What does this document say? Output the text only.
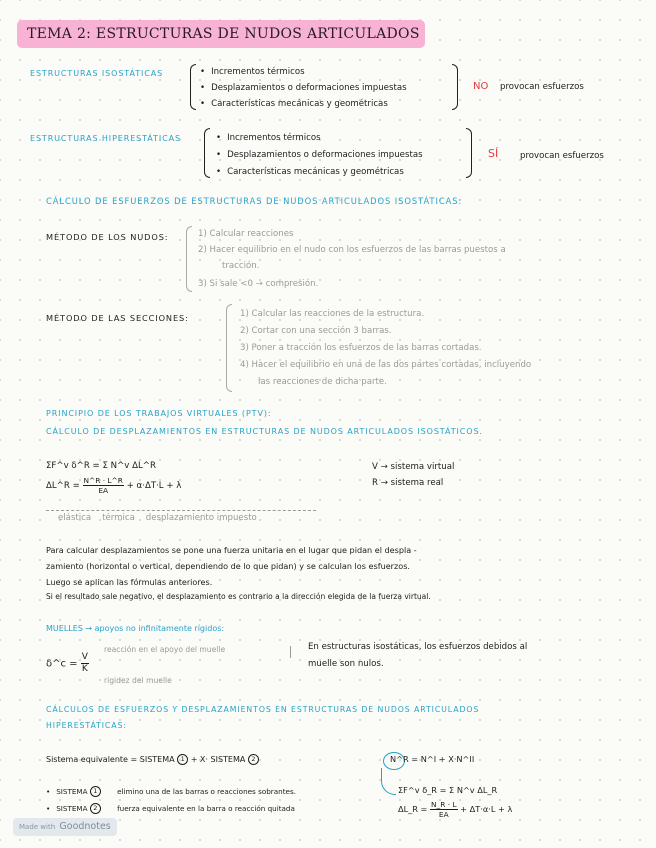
TEMA 2: ESTRUCTURAS DE NUDOS ARTICULADOS
ESTRUCTURAS ISOSTÁTICAS	• Incrementos térmicos
• Desplazamientos o deformaciones impuestas
• Características mecánicas y geométricas
NO provocan esfuerzos
ESTRUCTURAS HIPERESTÁTICAS	• Incrementos térmicos
• Desplazamientos o deformaciones impuestas
• Características mecánicas y geométricas
SÍ	provocan esfuerzos
CÁLCULO DE ESFUERZOS DE ESTRUCTURAS DE NUDOS ARTICULADOS ISOSTÁTICAS:
MÉTODO DE LOS NUDOS:	1) Calcular reacciones
2) Hacer equilibrio en el nudo con los esfuerzos de las barras puestos a
tracción.
3) Si sale <0 → compresión.
MÉTODO DE LAS SECCIONES:	1) Calcular las reacciones de la estructura.
2) Cortar con una sección 3 barras.
3) Poner a tracción los esfuerzos de las barras cortadas.
4) Hacer el equilibrio en una de las dos partes cortadas, incluyendo
las reacciones de dicha parte.
PRINCIPIO DE LOS TRABAJOS VIRTUALES (PTV):
CÁLCULO DE DESPLAZAMIENTOS EN ESTRUCTURAS DE NUDOS ARTICULADOS ISOSTÁTICOS.
ΣF^v δ^R = Σ N^v ΔL^R
ΔL^R = $\frac{N\^{}R \cdot L\^{}R}{EA} + \alpha\cdot\Delta T\cdot L + \lambda$
V → sistema virtual
R → sistema real
elástica    térmica    desplazamiento impuesto
Para calcular desplazamientos se pone una fuerza unitaria en el lugar que pidan el despla -
zamiento (horizontal o vertical, dependiendo de lo que pidan) y se calculan los esfuerzos.
Luego se aplican las fórmulas anteriores.
Si el resultado sale negativo, el desplazamiento es contrario a la dirección elegida de la fuerza virtual.
MUELLES → apoyos no infinitamente rígidos:
δ^c = $\frac{V}{K}$
reacción en el apoyo del muelle
rigidez del muelle
En estructuras isostáticas, los esfuerzos debidos al
muelle son nulos.
CÁLCULOS DE ESFUERZOS Y DESPLAZAMIENTOS EN ESTRUCTURAS DE NUDOS ARTICULADOS
HIPERESTÁTICAS:
Sistema equivalente = SISTEMA 1 + X· SISTEMA 2
• SISTEMA 1	elimino una de las barras o reacciones sobrantes.
• SISTEMA 2	fuerza equivalente en la barra o reacción quitada
N^R = N^I + X·N^II
ΣF^v δ_R = Σ N^v ΔL_R
ΔL_R = $\frac{N\_R \cdot L}{EA} + \Delta T\cdot\alpha\cdot L + \lambda$
Made with Goodnotes
